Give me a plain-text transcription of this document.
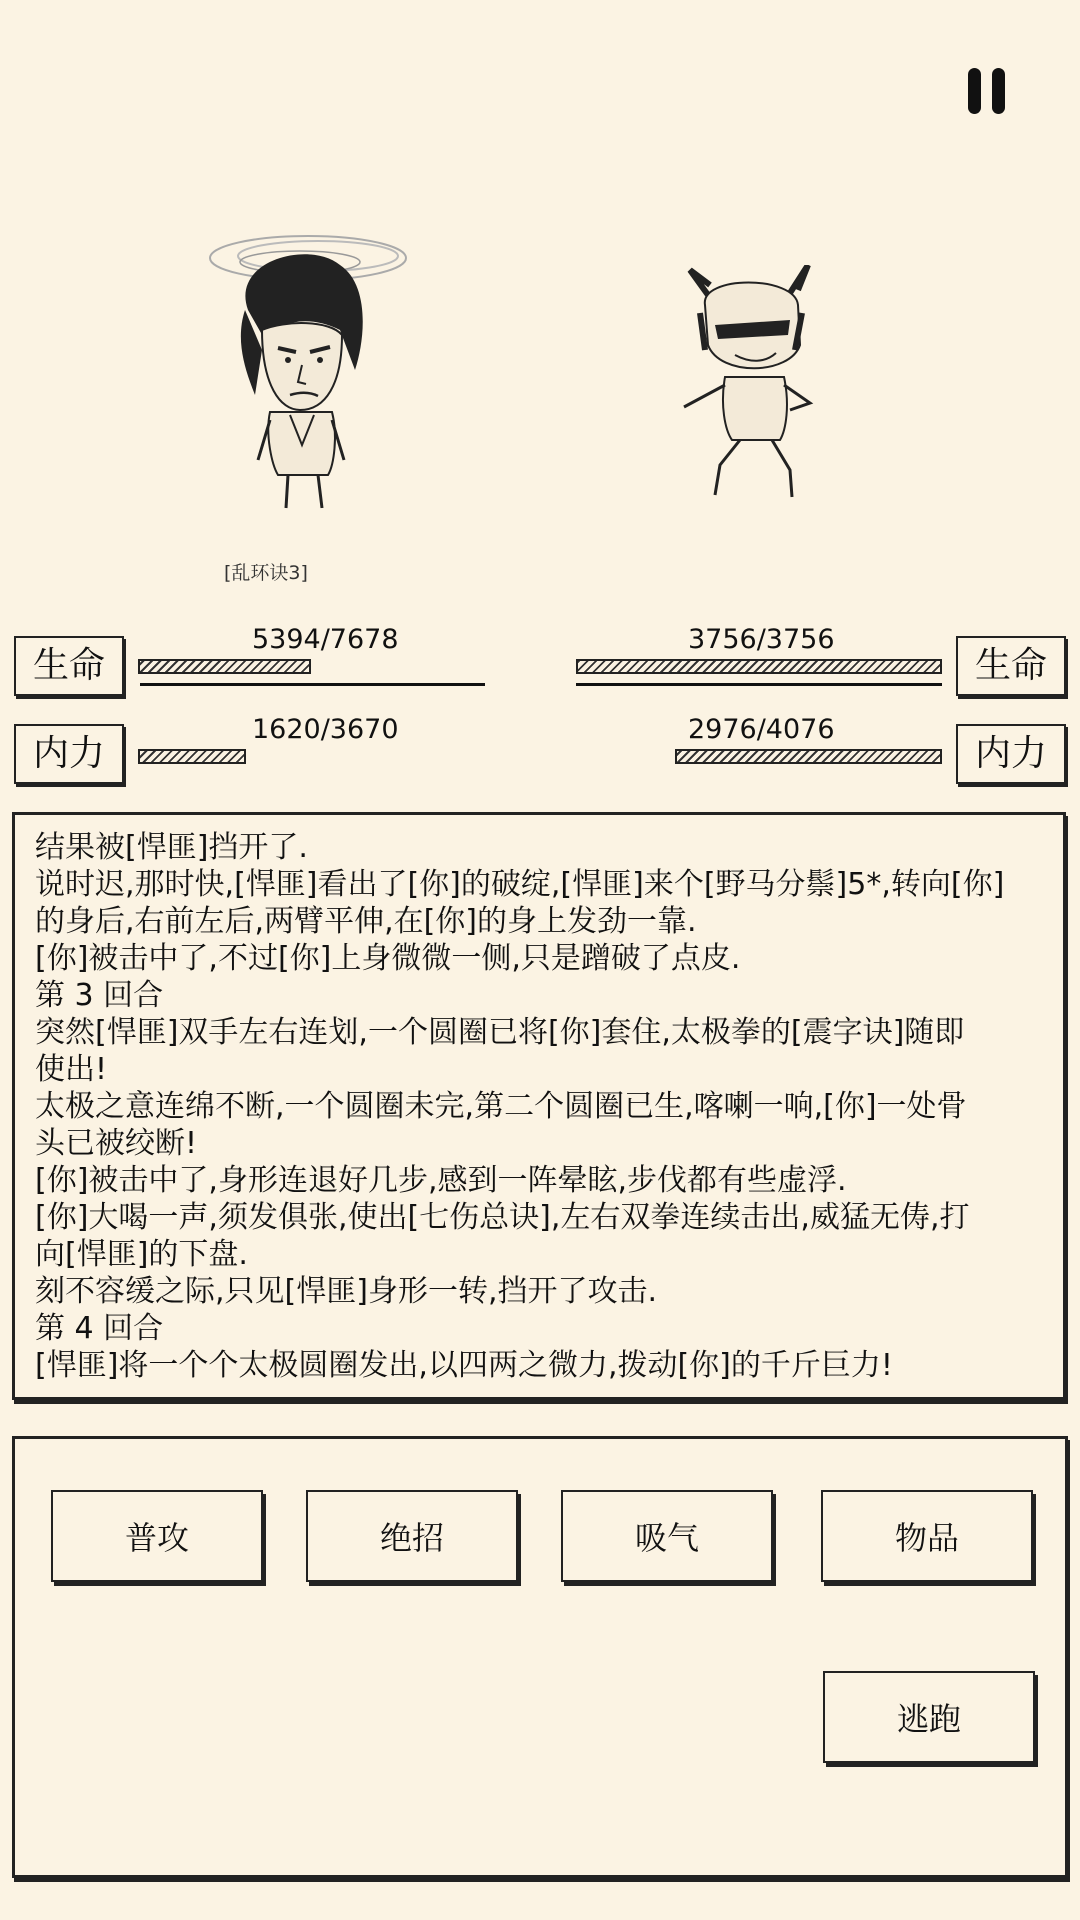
[乱环诀3]
生命
5394/7678
内力
1620/3670
生命
3756/3756
内力
2976/4076
结果被[悍匪]挡开了.
说时迟,那时快,[悍匪]看出了[你]的破绽,[悍匪]来个[野马分鬃]5*,转向[你]
的身后,右前左后,两臂平伸,在[你]的身上发劲一靠.
[你]被击中了,不过[你]上身微微一侧,只是蹭破了点皮.
第 3 回合
突然[悍匪]双手左右连划,一个圆圈已将[你]套住,太极拳的[震字诀]随即
使出!
太极之意连绵不断,一个圆圈未完,第二个圆圈已生,喀喇一响,[你]一处骨
头已被绞断!
[你]被击中了,身形连退好几步,感到一阵晕眩,步伐都有些虚浮.
[你]大喝一声,须发俱张,使出[七伤总诀],左右双拳连续击出,威猛无俦,打
向[悍匪]的下盘.
刻不容缓之际,只见[悍匪]身形一转,挡开了攻击.
第 4 回合
[悍匪]将一个个太极圆圈发出,以四两之微力,拨动[你]的千斤巨力!
普攻	绝招	吸气	物品
逃跑
